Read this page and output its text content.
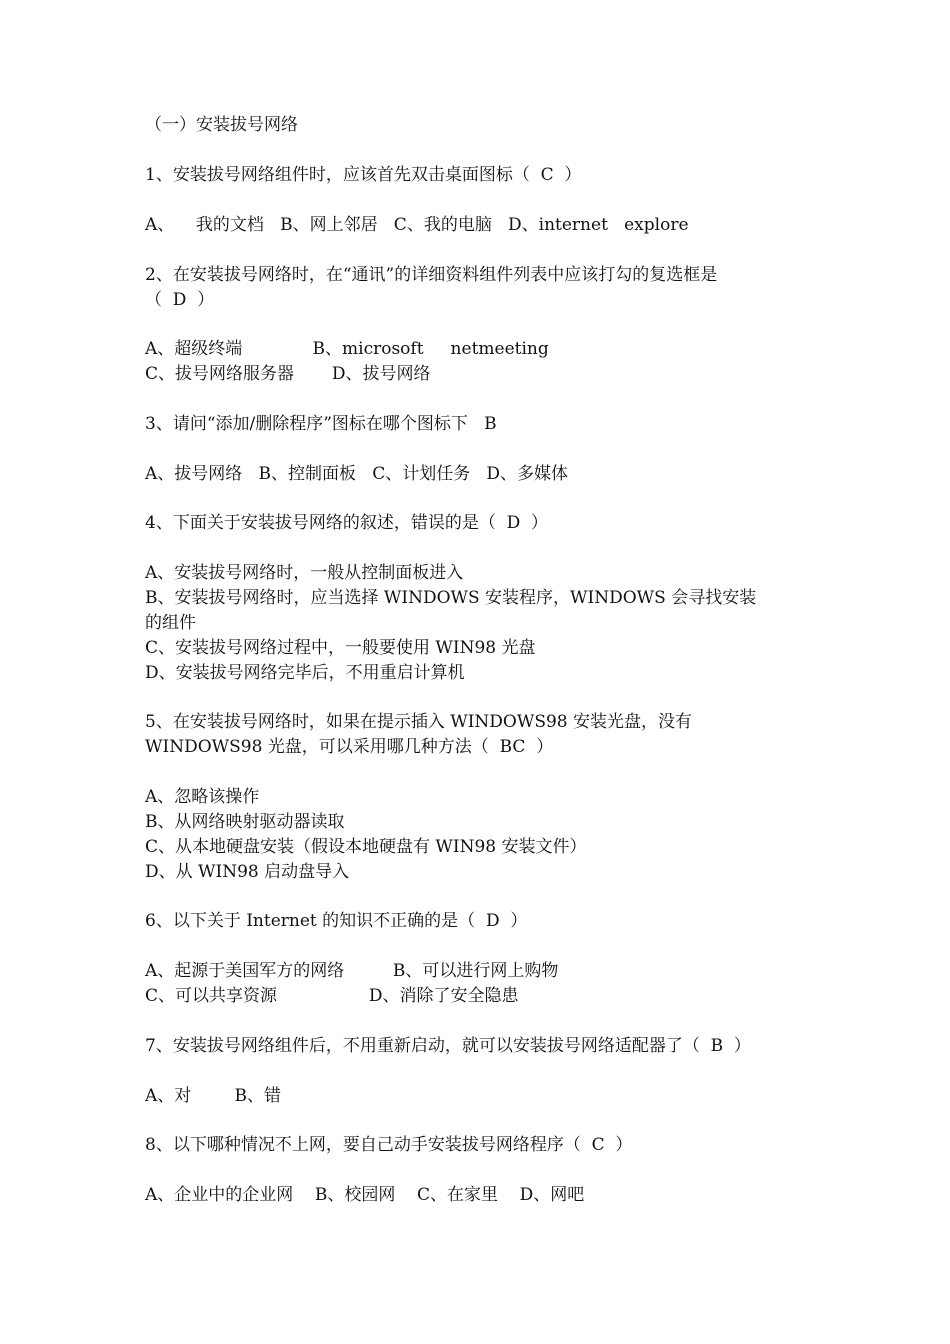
（一）安装拔号网络
1、安装拔号网络组件时，应该首先双击桌面图标（  C  ）
A、    我的文档   B、网上邻居   C、我的电脑   D、internet   explore
2、在安装拔号网络时，在“通讯”的详细资料组件列表中应该打勾的复选框是
（  D  ）
A、超级终端             B、microsoft     netmeeting
C、拔号网络服务器       D、拔号网络
3、请问“添加/删除程序”图标在哪个图标下   B
A、拔号网络   B、控制面板   C、计划任务   D、多媒体
4、下面关于安装拔号网络的叙述，错误的是（  D  ）
A、安装拔号网络时，一般从控制面板进入
B、安装拔号网络时，应当选择 WINDOWS 安装程序，WINDOWS 会寻找安装
的组件
C、安装拔号网络过程中，一般要使用 WIN98 光盘
D、安装拔号网络完毕后，不用重启计算机
5、在安装拔号网络时，如果在提示插入 WINDOWS98 安装光盘，没有
WINDOWS98 光盘，可以采用哪几种方法（  BC  ）
A、忽略该操作
B、从网络映射驱动器读取
C、从本地硬盘安装（假设本地硬盘有 WIN98 安装文件）
D、从 WIN98 启动盘导入
6、以下关于 Internet 的知识不正确的是（  D  ）
A、起源于美国军方的网络         B、可以进行网上购物
C、可以共享资源                 D、消除了安全隐患
7、安装拔号网络组件后，不用重新启动，就可以安装拔号网络适配器了（  B  ）
A、对        B、错
8、以下哪种情况不上网，要自己动手安装拔号网络程序（  C  ）
A、企业中的企业网    B、校园网    C、在家里    D、网吧
